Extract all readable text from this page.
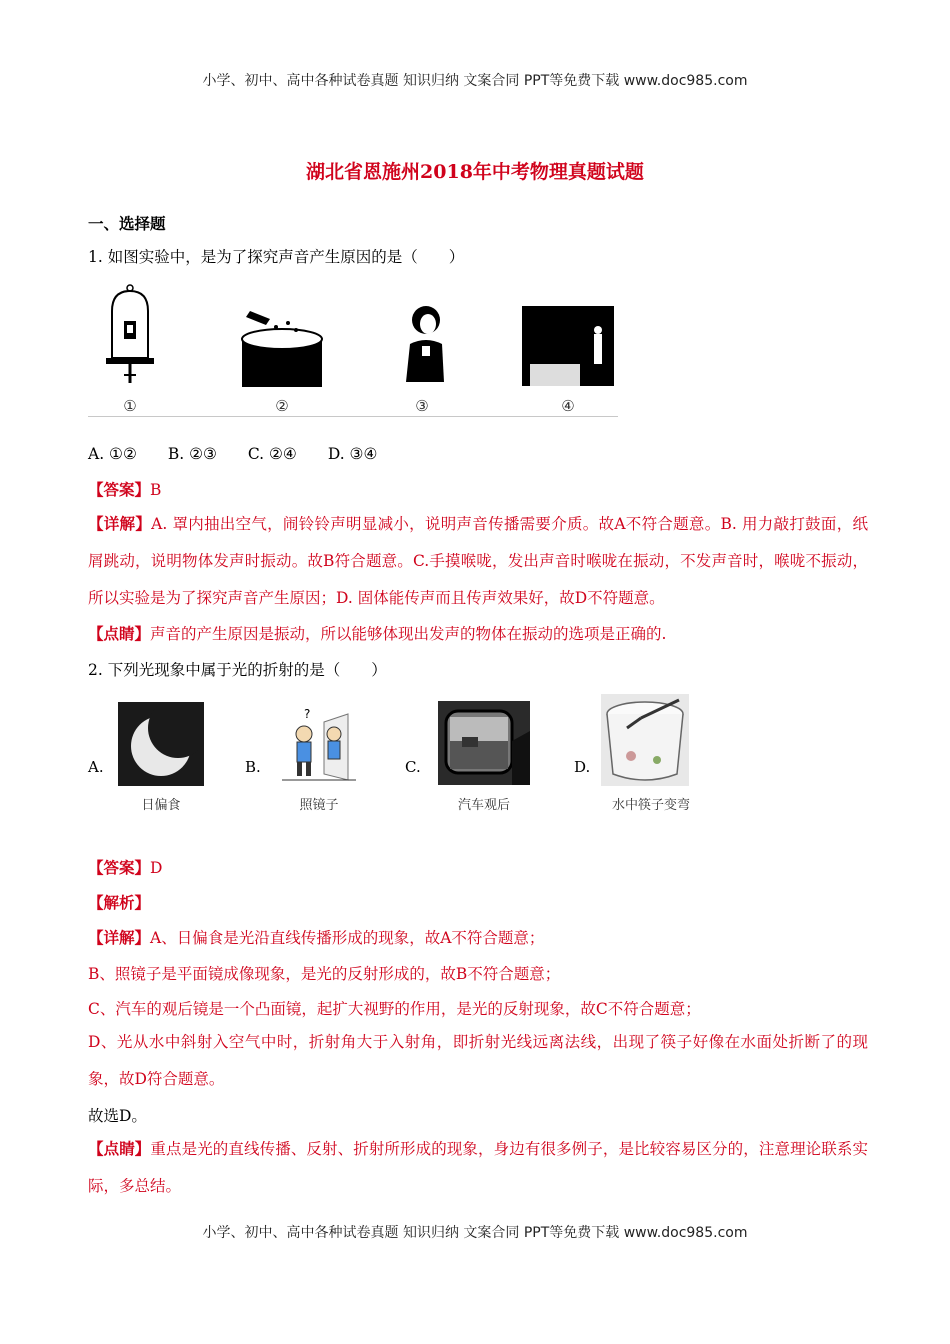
小学、初中、高中各种试卷真题 知识归纳 文案合同 PPT等免费下载 www.doc985.com
湖北省恩施州2018年中考物理真题试题
一、选择题
1. 如图实验中，是为了探究声音产生原因的是（　　）
①	②	③	④
A. ①②　　B. ②③　　C. ②④　　D. ③④
【答案】B
【详解】A. 罩内抽出空气，闹铃铃声明显减小，说明声音传播需要介质。故A不符合题意。B. 用力敲打鼓面，纸屑跳动，说明物体发声时振动。故B符合题意。C.手摸喉咙，发出声音时喉咙在振动，不发声音时，喉咙不振动，所以实验是为了探究声音产生原因；D. 固体能传声而且传声效果好，故D不符题意。
【点睛】声音的产生原因是振动，所以能够体现出发声的物体在振动的选项是正确的.
2. 下列光现象中属于光的折射的是（　　）
A.
日偏食
B.
?
照镜子
C.
汽车观后
D.
水中筷子变弯
【答案】D
【解析】
【详解】A、日偏食是光沿直线传播形成的现象，故A不符合题意；
B、照镜子是平面镜成像现象，是光的反射形成的，故B不符合题意；
C、汽车的观后镜是一个凸面镜，起扩大视野的作用，是光的反射现象，故C不符合题意；
D、光从水中斜射入空气中时，折射角大于入射角，即折射光线远离法线，出现了筷子好像在水面处折断了的现象，故D符合题意。
故选D。
【点睛】重点是光的直线传播、反射、折射所形成的现象，身边有很多例子，是比较容易区分的，注意理论联系实际，多总结。
小学、初中、高中各种试卷真题 知识归纳 文案合同 PPT等免费下载 www.doc985.com
